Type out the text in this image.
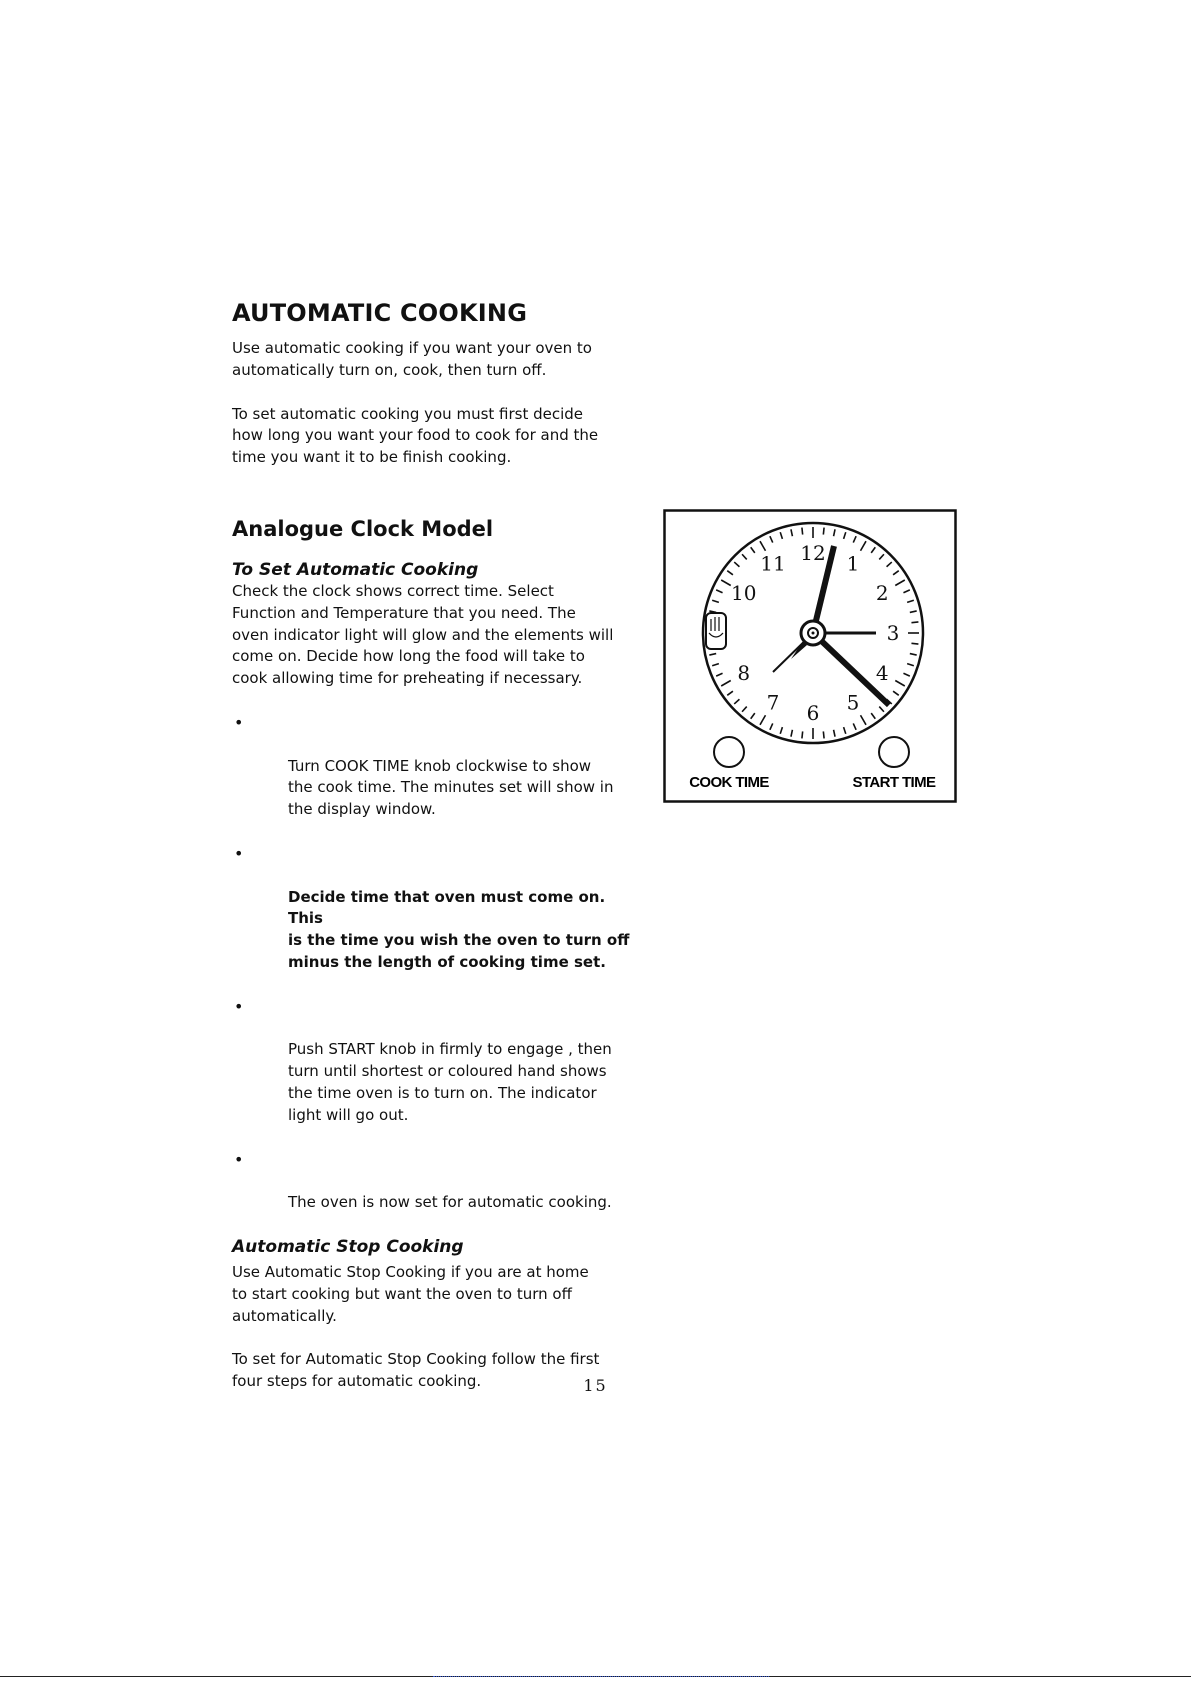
AUTOMATIC COOKING

Use automatic cooking if you want your oven to
automatically turn on, cook, then turn off.

To set automatic cooking you must first decide
how long you want your food to cook for and the
time you want it to be finish cooking.

Analogue Clock Model
To Set Automatic Cooking

Check the clock shows correct time. Select
Function and Temperature that you need. The
oven indicator light will glow and the elements will
come on. Decide how long the food will take to
cook allowing time for preheating if necessary.

•

Turn COOK TIME knob clockwise to show
the cook time. The minutes set will show in
the display window.

•

Decide time that oven must come on. This
is the time you wish the oven to turn off
minus the length of cooking time set.

•

Push START knob in firmly to engage , then
turn until shortest or coloured hand shows
the time oven is to turn on. The indicator
light will go out.

•

The oven is now set for automatic cooking.

Automatic Stop Cooking

Use Automatic Stop Cooking if you are at home
to start cooking but want the oven to turn off
automatically.

To set for Automatic Stop Cooking follow the first
four steps for automatic cooking.

12 1
2
3
4
5
6
7
8
10
11
COOK TIME	START TIME
15
